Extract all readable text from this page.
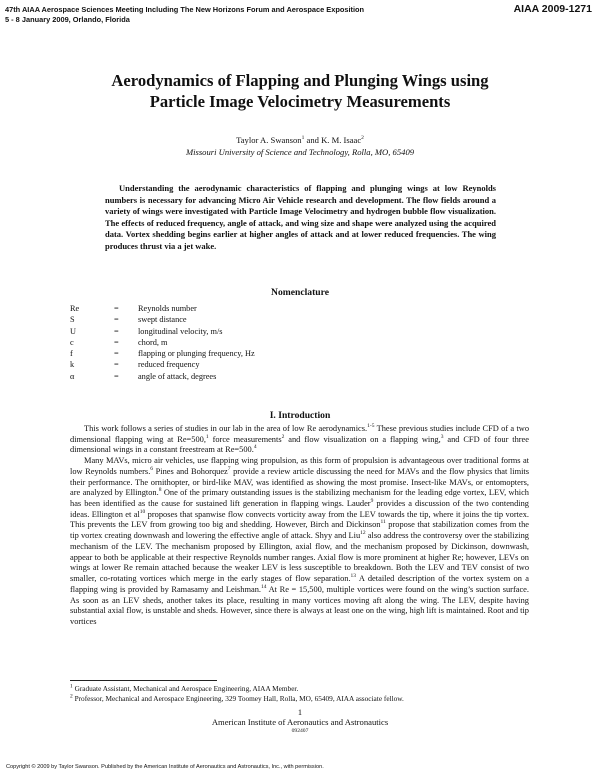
47th AIAA Aerospace Sciences Meeting Including The New Horizons Forum and Aerospace Exposition
5 - 8 January 2009, Orlando, Florida
AIAA 2009-1271
Aerodynamics of Flapping and Plunging Wings using
Particle Image Velocimetry Measurements
Taylor A. Swanson$^1$ and K. M. Isaac$^2$
Missouri University of Science and Technology, Rolla, MO, 65409

Understanding the aerodynamic characteristics of flapping and plunging wings at low Reynolds numbers is necessary for advancing Micro Air Vehicle research and development. The flow fields around a variety of wings were investigated with Particle Image Velocimetry and hydrogen bubble flow visualization. The effects of reduced frequency, angle of attack, and wing size and shape were analyzed using the acquired data. Vortex shedding begins earlier at higher angles of attack and at lower reduced frequencies. The wing produces thrust via a jet wake.

Nomenclature
Re	= Reynolds number
S	= swept distance
U	= longitudinal velocity, m/s
c	= chord, m
f	= flapping or plunging frequency, Hz
k	= reduced frequency
α	= angle of attack, degrees
I. Introduction

This work follows a series of studies in our lab in the area of low Re aerodynamics.$^{1-5}$ These previous studies include CFD of a two dimensional flapping wing at Re=500,$^1$ force measurements$^2$ and flow visualization on a flapping wing,$^3$ and CFD of four three dimensional wings in a constant freestream at Re=500.$^4$

Many MAVs, micro air vehicles, use flapping wing propulsion, as this form of propulsion is advantageous over traditional forms at low Reynolds numbers.$^6$ Pines and Bohorquez$^7$ provide a review article discussing the need for MAVs and the flow physics that limits their performance. The ornithopter, or bird-like MAV, was identified as showing the most promise. Insect-like MAVs, or entomopters, are analyzed by Ellington.$^8$ One of the primary outstanding issues is the stabilizing mechanism for the leading edge vortex, LEV, which has been identified as the cause for sustained lift generation in flapping wings. Lauder$^9$ provides a discussion of the two contending ideas. Ellington et $al^{10}$ proposes that spanwise flow convects vorticity away from the LEV towards the tip, where it joins the tip vortex. This prevents the LEV from growing too big and shedding. However, Birch and Dickinson$^{11}$ propose that stabilization comes from the tip vortex creating downwash and lowering the effective angle of attack. Shyy and Liu$^{12}$ also address the controversy over the stabilizing mechanism of the LEV. The mechanism proposed by Ellington, axial flow, and the mechanism proposed by Dickinson, downwash, appear to both be applicable at their respective Reynolds number ranges. Axial flow is more prominent at higher Re; however, LEVs on wings at lower Re remain attached because the weaker LEV is less susceptible to breakdown. Both the LEV and TEV consist of two smaller, co-rotating vortices which merge in the early stages of flow separation.$^{13}$ A detailed description of the vortex system on a flapping wing is provided by Ramasamy and Leishman.$^{14}$ At Re = 15,500, multiple vortices were found on the wing’s suction surface. As soon as an LEV sheds, another takes its place, resulting in many vortices moving aft along the wing. The LEV, despite having substantial axial flow, is unstable and sheds. However, since there is always at least one on the wing, high lift is maintained. Root and tip vortices

$^1$ Graduate Assistant, Mechanical and Aerospace Engineering, AIAA Member.
$^2$ Professor, Mechanical and Aerospace Engineering, 329 Toomey Hall, Rolla, MO, 65409, AIAA associate fellow.
1
American Institute of Aeronautics and Astronautics
092407
Copyright © 2009 by Taylor Swanson. Published by the American Institute of Aeronautics and Astronautics, Inc., with permission.
